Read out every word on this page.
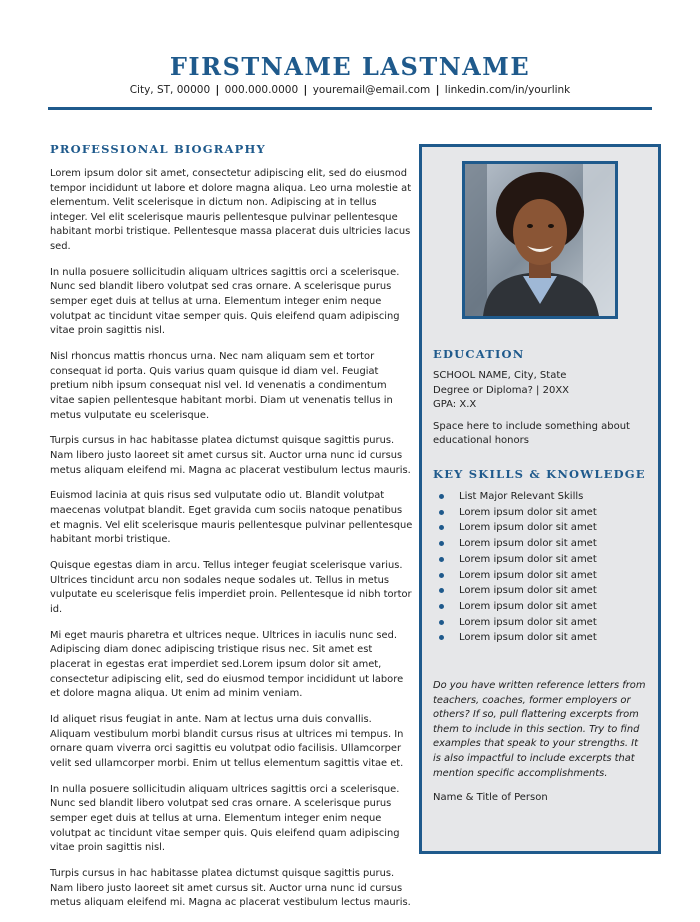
FIRSTNAME LASTNAME
City, ST, 00000 | 000.000.0000 | youremail@email.com | linkedin.com/in/yourlink
PROFESSIONAL BIOGRAPHY

Lorem ipsum dolor sit amet, consectetur adipiscing elit, sed do eiusmod tempor incididunt ut labore et dolore magna aliqua. Leo urna molestie at elementum. Velit scelerisque in dictum non. Adipiscing at in tellus integer. Vel elit scelerisque mauris pellentesque pulvinar pellentesque habitant morbi tristique. Pellentesque massa placerat duis ultricies lacus sed.

In nulla posuere sollicitudin aliquam ultrices sagittis orci a scelerisque. Nunc sed blandit libero volutpat sed cras ornare. A scelerisque purus semper eget duis at tellus at urna. Elementum integer enim neque volutpat ac tincidunt vitae semper quis. Quis eleifend quam adipiscing vitae proin sagittis nisl.

Nisl rhoncus mattis rhoncus urna. Nec nam aliquam sem et tortor consequat id porta. Quis varius quam quisque id diam vel. Feugiat pretium nibh ipsum consequat nisl vel. Id venenatis a condimentum vitae sapien pellentesque habitant morbi. Diam ut venenatis tellus in metus vulputate eu scelerisque.

Turpis cursus in hac habitasse platea dictumst quisque sagittis purus. Nam libero justo laoreet sit amet cursus sit. Auctor urna nunc id cursus metus aliquam eleifend mi. Magna ac placerat vestibulum lectus mauris.

Euismod lacinia at quis risus sed vulputate odio ut. Blandit volutpat maecenas volutpat blandit. Eget gravida cum sociis natoque penatibus et magnis. Vel elit scelerisque mauris pellentesque pulvinar pellentesque habitant morbi tristique.

Quisque egestas diam in arcu. Tellus integer feugiat scelerisque varius. Ultrices tincidunt arcu non sodales neque sodales ut. Tellus in metus vulputate eu scelerisque felis imperdiet proin. Pellentesque id nibh tortor id.

Mi eget mauris pharetra et ultrices neque. Ultrices in iaculis nunc sed. Adipiscing diam donec adipiscing tristique risus nec. Sit amet est placerat in egestas erat imperdiet sed.Lorem ipsum dolor sit amet, consectetur adipiscing elit, sed do eiusmod tempor incididunt ut labore et dolore magna aliqua. Ut enim ad minim veniam.

Id aliquet risus feugiat in ante. Nam at lectus urna duis convallis. Aliquam vestibulum morbi blandit cursus risus at ultrices mi tempus. In ornare quam viverra orci sagittis eu volutpat odio facilisis. Ullamcorper velit sed ullamcorper morbi. Enim ut tellus elementum sagittis vitae et.

In nulla posuere sollicitudin aliquam ultrices sagittis orci a scelerisque. Nunc sed blandit libero volutpat sed cras ornare. A scelerisque purus semper eget duis at tellus at urna. Elementum integer enim neque volutpat ac tincidunt vitae semper quis. Quis eleifend quam adipiscing vitae proin sagittis nisl.

Turpis cursus in hac habitasse platea dictumst quisque sagittis purus. Nam libero justo laoreet sit amet cursus sit. Auctor urna nunc id cursus metus aliquam eleifend mi. Magna ac placerat vestibulum lectus mauris.

EDUCATION

SCHOOL NAME, City, State

Degree or Diploma? | 20XX

GPA: X.X

Space here to include something about educational honors

KEY SKILLS & KNOWLEDGE
List Major Relevant Skills
Lorem ipsum dolor sit amet
Lorem ipsum dolor sit amet
Lorem ipsum dolor sit amet
Lorem ipsum dolor sit amet
Lorem ipsum dolor sit amet
Lorem ipsum dolor sit amet
Lorem ipsum dolor sit amet
Lorem ipsum dolor sit amet
Lorem ipsum dolor sit amet

Do you have written reference letters from teachers, coaches, former employers or others? If so, pull flattering excerpts from them to include in this section. Try to find examples that speak to your strengths. It is also impactful to include excerpts that mention specific accomplishments.

Name & Title of Person
